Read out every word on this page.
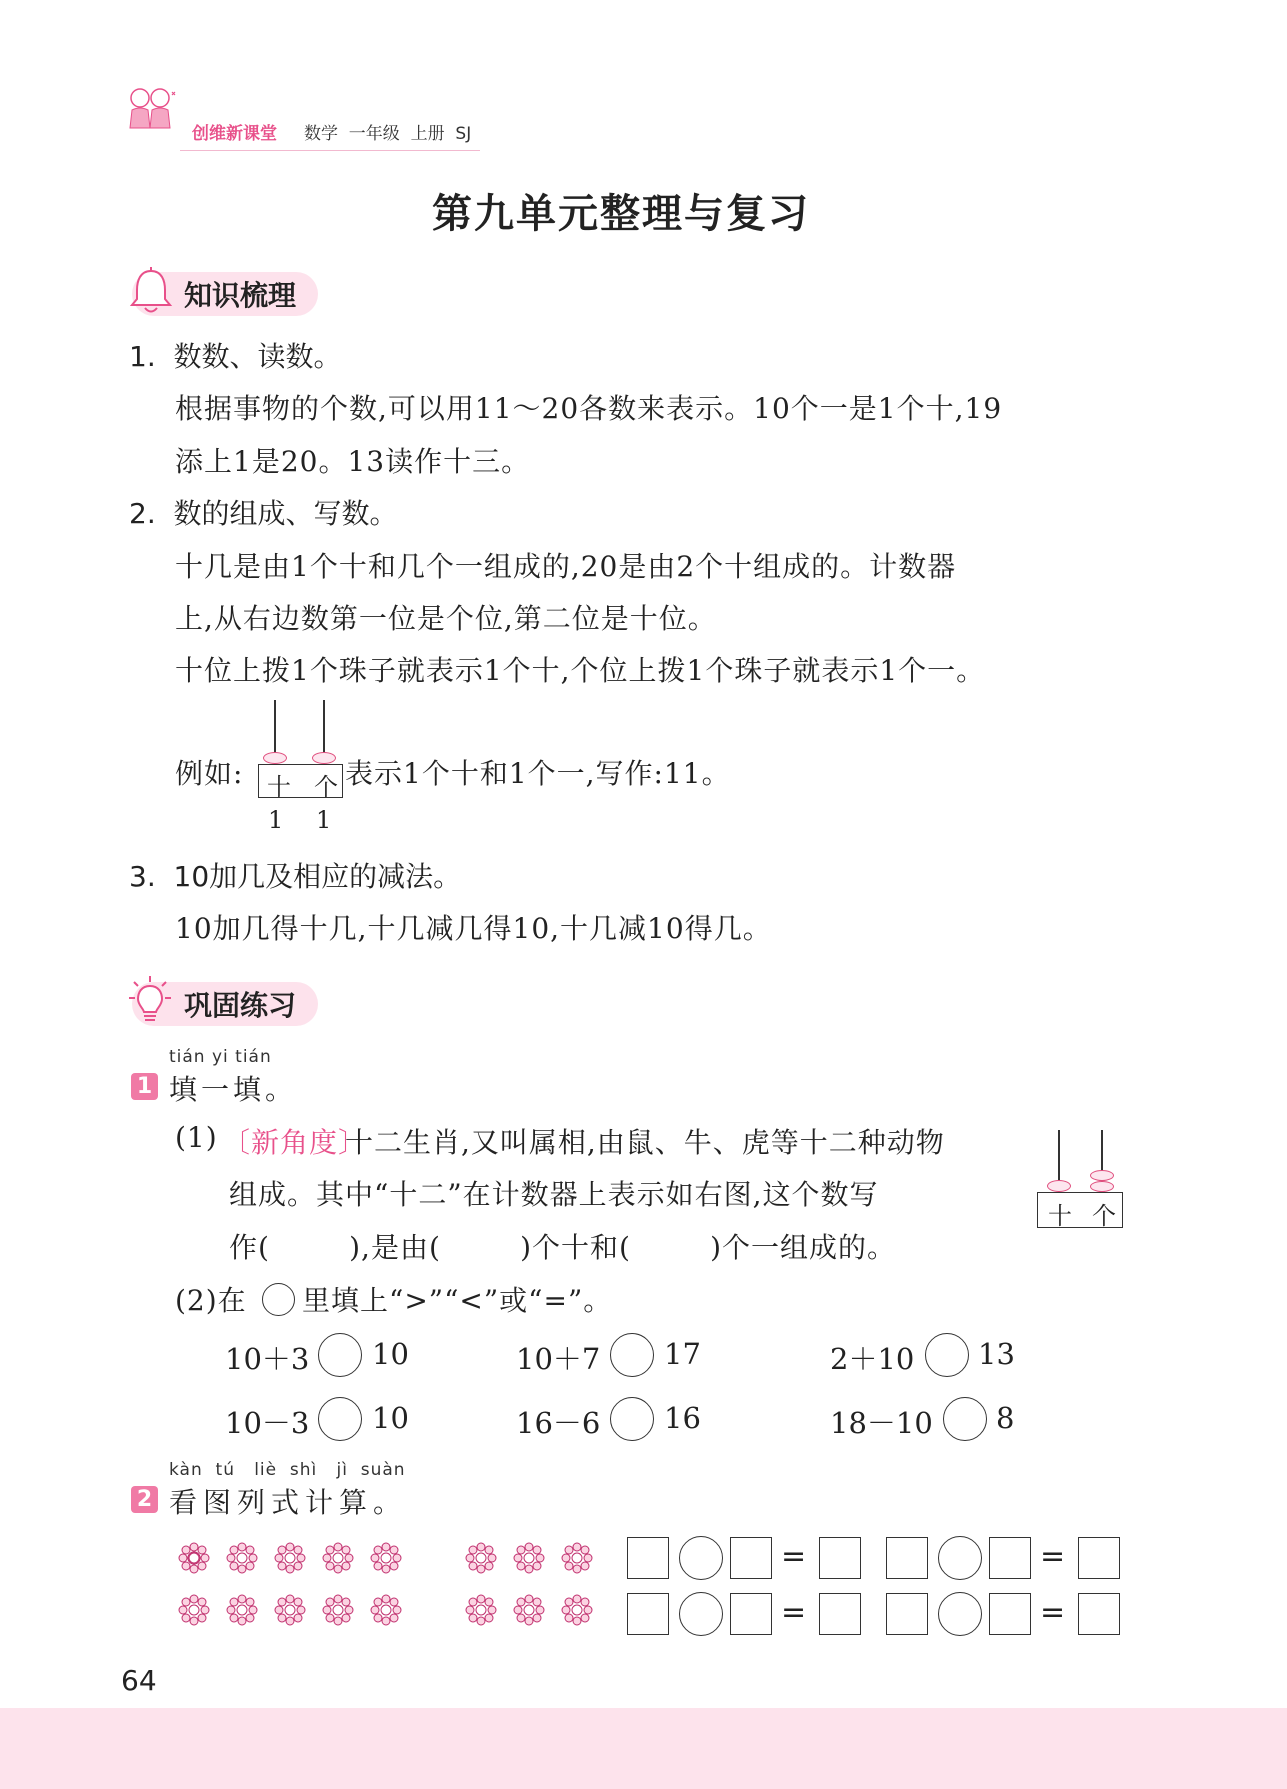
创维新课堂 数学  一年级  上册  SJ
第九单元整理与复习
知识梳理
1.  数数、读数。
根据事物的个数,可以用11～20各数来表示。10个一是1个十,19
添上1是20。13读作十三。
2.  数的组成、写数。
十几是由1个十和几个一组成的,20是由2个十组成的。计数器
上,从右边数第一位是个位,第二位是十位。
十位上拨1个珠子就表示1个十,个位上拨1个珠子就表示1个一。
例如: 十 个
1 1
表示1个十和1个一,写作:11。
3.  10加几及相应的减法。
10加几得十几,十几减几得10,十几减10得几。
巩固练习
tián yi tián
1 填一填。
(1) 〔新角度〕
十二生肖,又叫属相,由鼠、牛、虎等十二种动物
组成。其中“十二”在计数器上表示如右图,这个数写
作(        ),是由(        )个十和(        )个一组成的。
十 个
(2)在 里填上“>”“<”或“=”。
10＋3 10	10＋7 17	2＋10 13
10－3 10	16－6 16	18－10 8
kàn  tú   liè  shì   jì  suàn
2 看图列式计算。
=	=
=	=
64
